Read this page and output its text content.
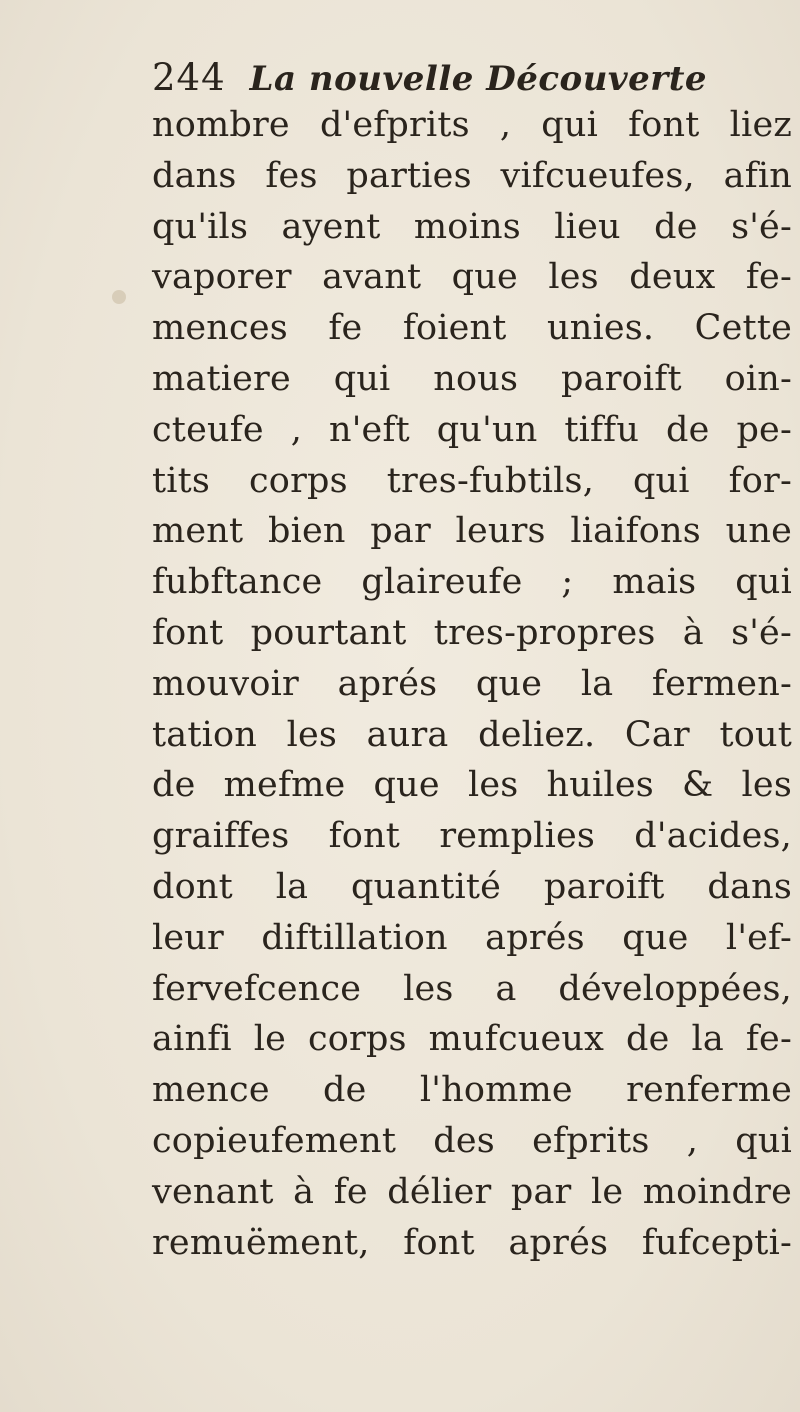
244 La nouvelle Découverte
nombre d'efprits , qui font liez
dans fes parties vifcueufes, afin
qu'ils ayent moins lieu de s'é-
vaporer avant que les deux fe-
mences fe foient unies. Cette
matiere qui nous paroift oin-
cteufe , n'eft qu'un tiffu de pe-
tits corps tres-fubtils, qui for-
ment bien par leurs liaifons une
fubftance glaireufe ; mais qui
font pourtant tres-propres à s'é-
mouvoir aprés que la fermen-
tation les aura deliez. Car tout
de mefme que les huiles & les
graiffes font remplies d'acides,
dont la quantité paroift dans
leur diftillation aprés que l'ef-
fervefcence les a développées,
ainfi le corps mufcueux de la fe-
mence de l'homme renferme
copieufement des efprits , qui
venant à fe délier par le moindre
remuëment, font aprés fufcepti-
